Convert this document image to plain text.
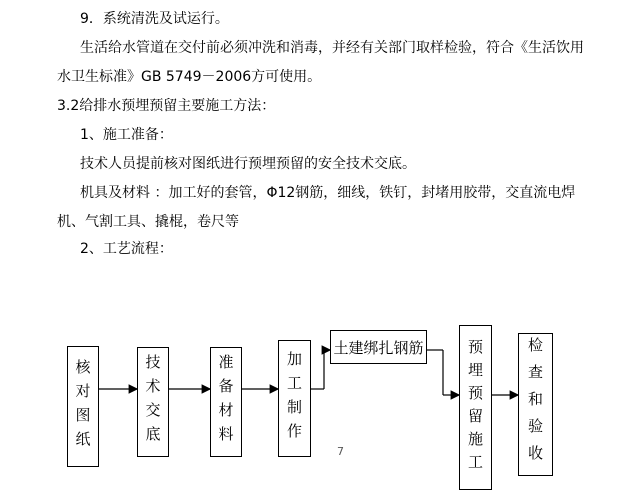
9．系统清洗及试运行。
生活给水管道在交付前必须冲洗和消毒，并经有关部门取样检验，符合《生活饮用
水卫生标准》GB 5749－2006方可使用。
3.2给排水预埋预留主要施工方法：
1、施工准备：
技术人员提前核对图纸进行预埋预留的安全技术交底。
机具及材料 ：加工好的套管，Φ12钢筋，细线，铁钉，封堵用胶带，交直流电焊
机、气割工具、撬棍，卷尺等
2、工艺流程：
核对图纸	技术交底	准备材料	加工制作
土建绑扎钢筋	预埋预留施工	检查和验收
7
